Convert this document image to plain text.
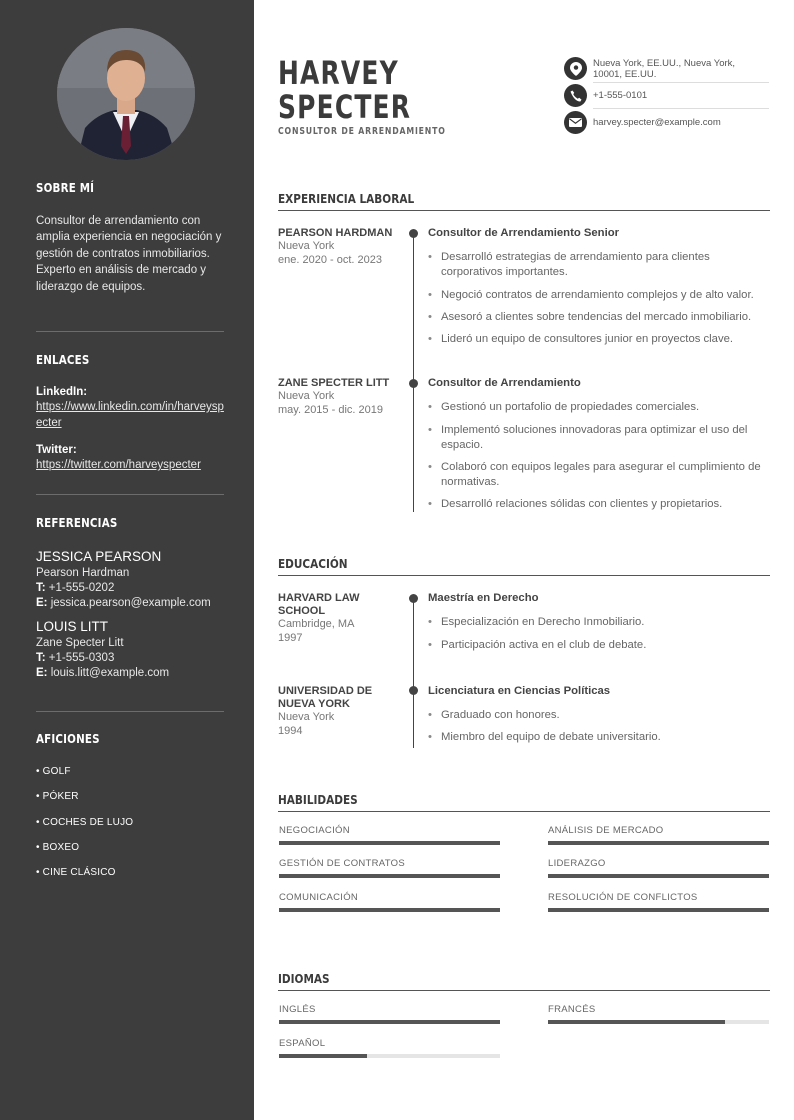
SOBRE MÍ
Consultor de arrendamiento con amplia experiencia en negociación y gestión de contratos inmobiliarios. Experto en análisis de mercado y liderazgo de equipos.
ENLACES
LinkedIn:
https://www.linkedin.com/in/harveyspecter
Twitter:
https://twitter.com/harveyspecter
REFERENCIAS
JESSICA PEARSON
Pearson Hardman
T: +1-555-0202
E: jessica.pearson@example.com
LOUIS LITT
Zane Specter Litt
T: +1-555-0303
E: louis.litt@example.com
AFICIONES
• GOLF
• PÓKER
• COCHES DE LUJO
• BOXEO
• CINE CLÁSICO
HARVEY
SPECTER
CONSULTOR DE ARRENDAMIENTO
Nueva York, EE.UU., Nueva York, 10001, EE.UU.
+1-555-0101
harvey.specter@example.com
EXPERIENCIA LABORAL
PEARSON HARDMAN
Nueva York
ene. 2020 - oct. 2023
Consultor de Arrendamiento Senior
• Desarrolló estrategias de arrendamiento para clientes corporativos importantes.
• Negoció contratos de arrendamiento complejos y de alto valor.
• Asesoró a clientes sobre tendencias del mercado inmobiliario.
• Lideró un equipo de consultores junior en proyectos clave.
ZANE SPECTER LITT
Nueva York
may. 2015 - dic. 2019
Consultor de Arrendamiento
• Gestionó un portafolio de propiedades comerciales.
• Implementó soluciones innovadoras para optimizar el uso del espacio.
• Colaboró con equipos legales para asegurar el cumplimiento de normativas.
• Desarrolló relaciones sólidas con clientes y propietarios.
EDUCACIÓN
HARVARD LAW SCHOOL
Cambridge, MA
1997
Maestría en Derecho
• Especialización en Derecho Inmobiliario.
• Participación activa en el club de debate.
UNIVERSIDAD DE NUEVA YORK
Nueva York
1994
Licenciatura en Ciencias Políticas
• Graduado con honores.
• Miembro del equipo de debate universitario.
HABILIDADES
NEGOCIACIÓN	ANÁLISIS DE MERCADO
GESTIÓN DE CONTRATOS	LIDERAZGO
COMUNICACIÓN	RESOLUCIÓN DE CONFLICTOS
IDIOMAS
INGLÉS	FRANCÉS
ESPAÑOL
